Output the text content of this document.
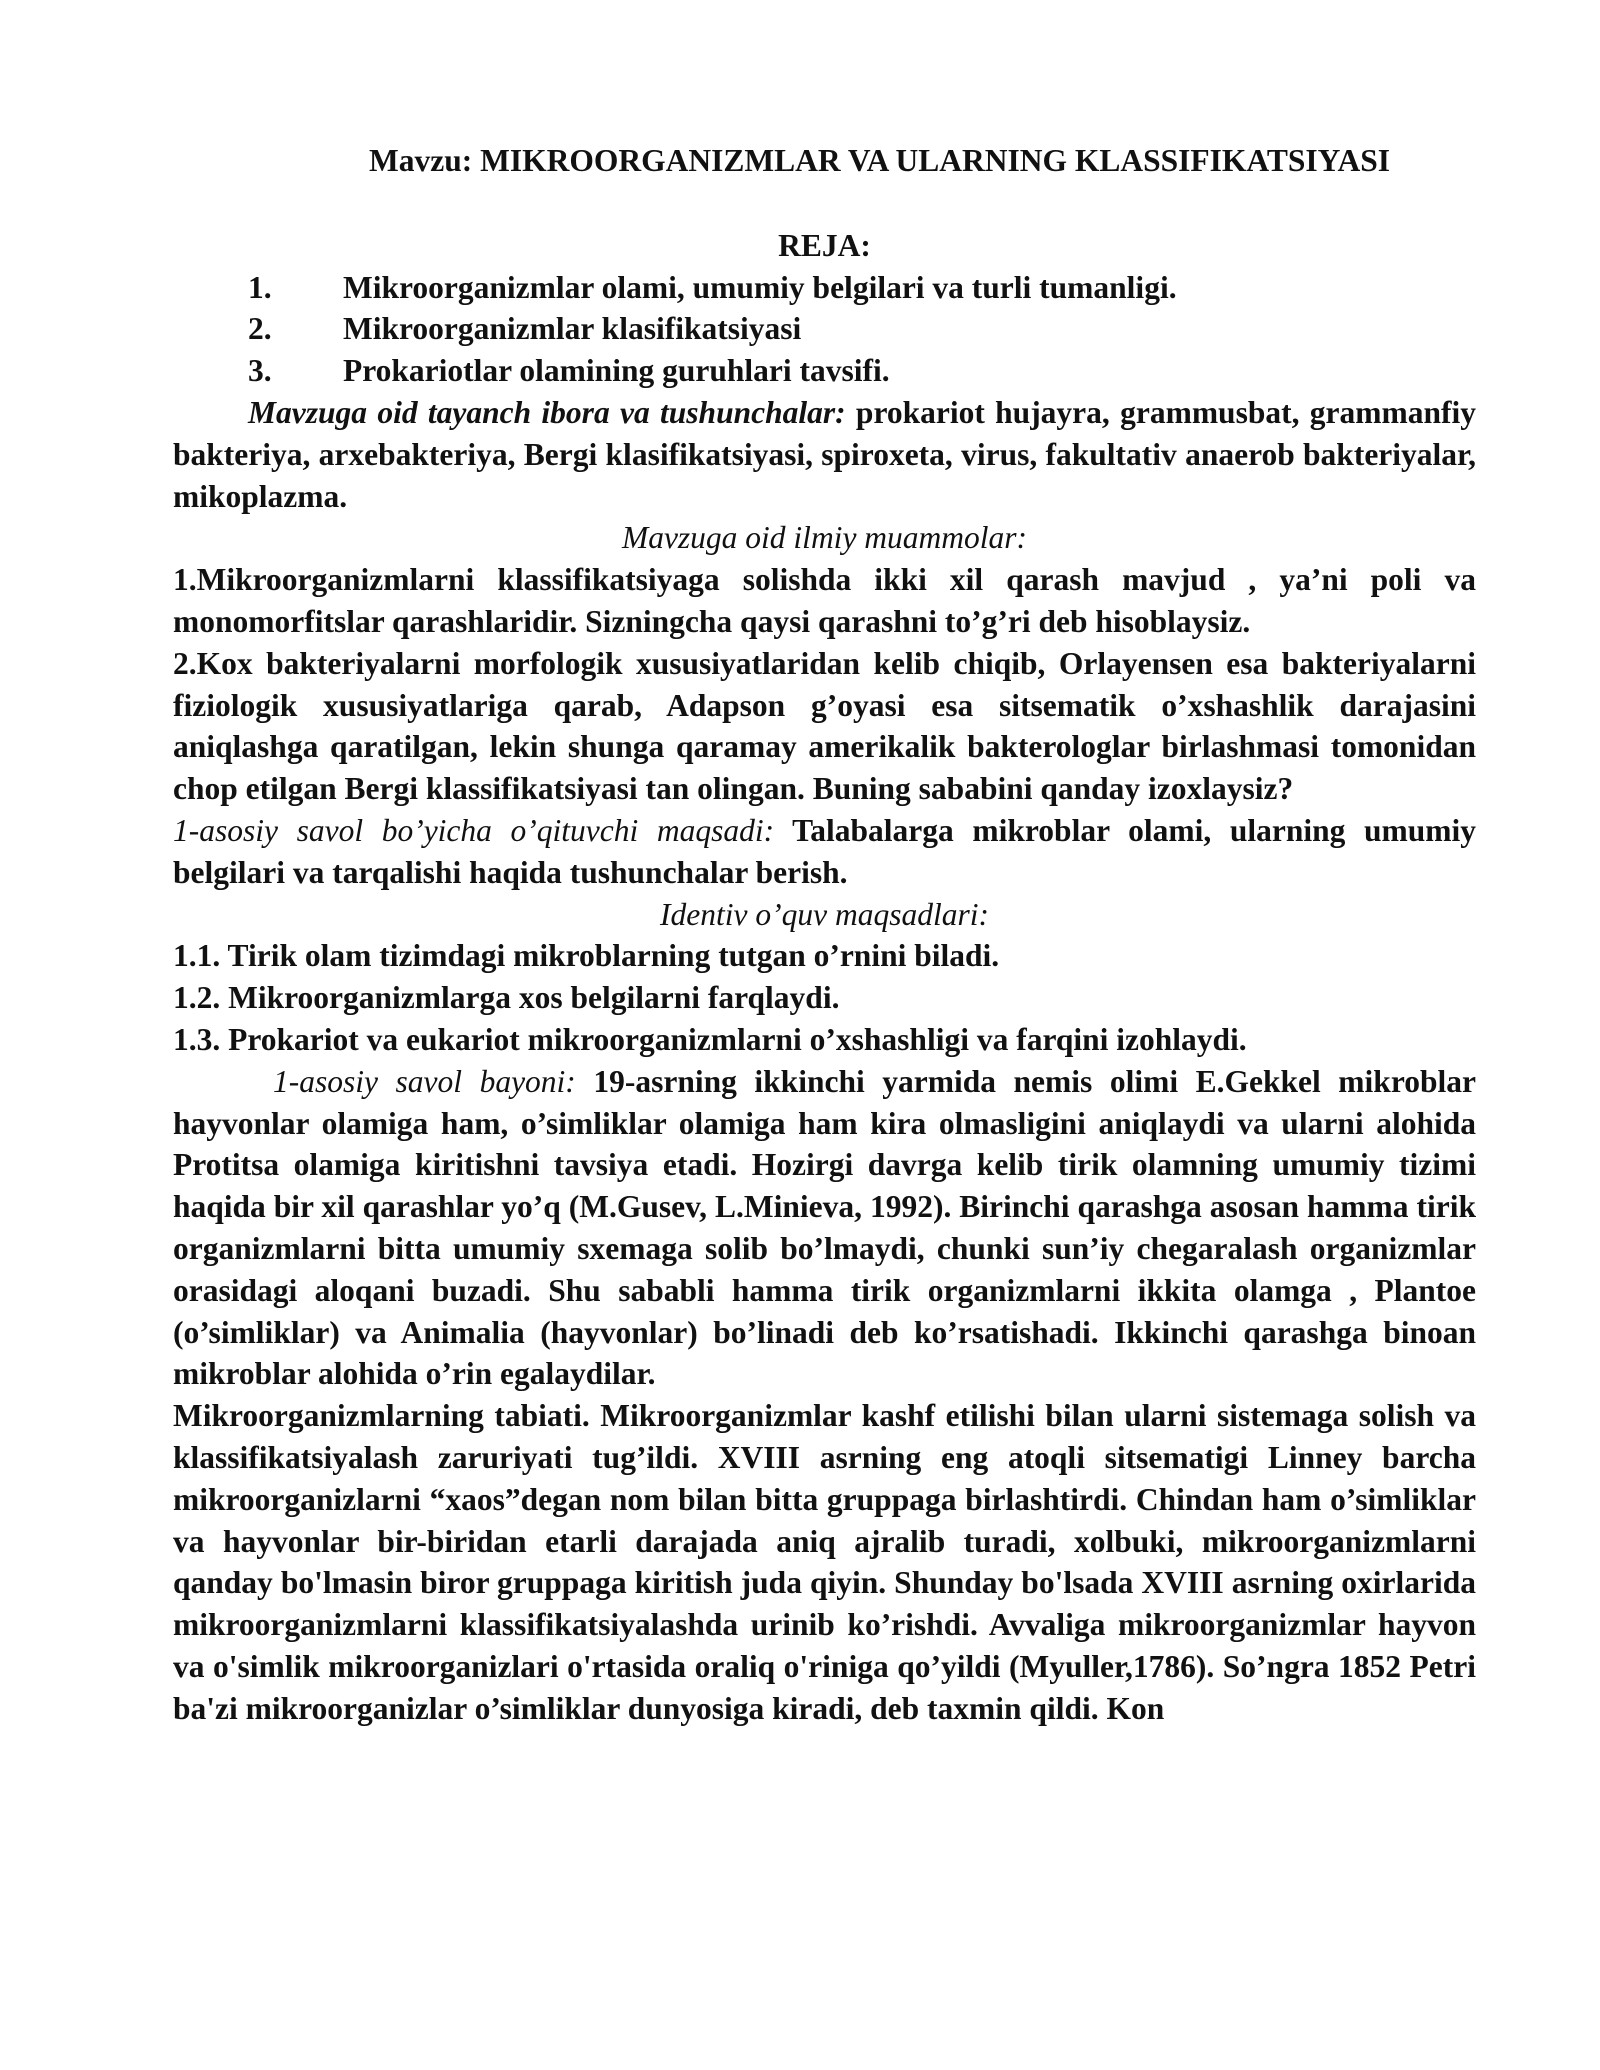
Mavzu: MIKROORGANIZMLAR VA ULARNING KLASSIFIKATSIYASI
REJA:
1.	Mikroorganizmlar olami, umumiy belgilari va turli tumanligi.
2.	Mikroorganizmlar klasifikatsiyasi
3.	Prokariotlar olamining guruhlari tavsifi.

Mavzuga oid tayanch ibora va tushunchalar: prokariot hujayra, grammusbat, grammanfiy bakteriya, arxebakteriya, Bergi klasifikatsiyasi, spiroxeta, virus, fakultativ anaerob bakteriyalar, mikoplazma.

Mavzuga oid ilmiy muammolar:

1.Mikroorganizmlarni klassifikatsiyaga solishda ikki xil qarash mavjud , ya’ni poli va monomorfitslar qarashlaridir. Sizningcha qaysi qarashni to’g’ri deb hisoblaysiz.

2.Kox bakteriyalarni morfologik xususiyatlaridan kelib chiqib, Orlayensen esa bakteriyalarni fiziologik xususiyatlariga qarab, Adapson g’oyasi esa sitsematik o’xshashlik darajasini aniqlashga qaratilgan, lekin shunga qaramay amerikalik bakterologlar birlashmasi tomonidan chop etilgan Bergi klassifikatsiyasi tan olingan. Buning sababini qanday izoxlaysiz?

1-asosiy savol bo’yicha o’qituvchi maqsadi: Talabalarga mikroblar olami, ularning umumiy belgilari va tarqalishi haqida tushunchalar berish.

Identiv o’quv maqsadlari:
1.1. Tirik olam tizimdagi mikroblarning tutgan o’rnini biladi.
1.2. Mikroorganizmlarga xos belgilarni farqlaydi.
1.3. Prokariot va eukariot mikroorganizmlarni o’xshashligi va farqini izohlaydi.

1-asosiy savol bayoni: 19-asrning ikkinchi yarmida nemis olimi E.Gekkel mikroblar hayvonlar olamiga ham, o’simliklar olamiga ham kira olmasligini aniqlaydi va ularni alohida Protitsa olamiga kiritishni tavsiya etadi. Hozirgi davrga kelib tirik olamning umumiy tizimi haqida bir xil qarashlar yo’q (M.Gusev, L.Minieva, 1992). Birinchi qarashga asosan hamma tirik organizmlarni bitta umumiy sxemaga solib bo’lmaydi, chunki sun’iy chegaralash organizmlar orasidagi aloqani buzadi. Shu sababli hamma tirik organizmlarni ikkita olamga , Plantoe (o’simliklar) va Animalia (hayvonlar) bo’linadi deb ko’rsatishadi. Ikkinchi qarashga binoan mikroblar alohida o’rin egalaydilar.

Mikroorganizmlarning tabiati. Mikroorganizmlar kashf etilishi bilan ularni sistemaga solish va klassifikatsiyalash zaruriyati tug’ildi. XVIII asrning eng atoqli sitsematigi Linney barcha mikroorganizlarni “xaos”degan nom bilan bitta gruppaga birlashtirdi. Chindan ham o’simliklar va hayvonlar bir-biridan etarli darajada aniq ajralib turadi, xolbuki, mikroorganizmlarni qanday bo'lmasin biror gruppaga kiritish juda qiyin. Shunday bo'lsada XVIII asrning oxirlarida mikroorganizmlarni klassifikatsiyalashda urinib ko’rishdi. Avvaliga mikroorganizmlar hayvon va o'simlik mikroorganizlari o'rtasida oraliq o'riniga qo’yildi (Myuller,1786). So’ngra 1852 Petri ba'zi mikroorganizlar o’simliklar dunyosiga kiradi, deb taxmin qildi. Kon
